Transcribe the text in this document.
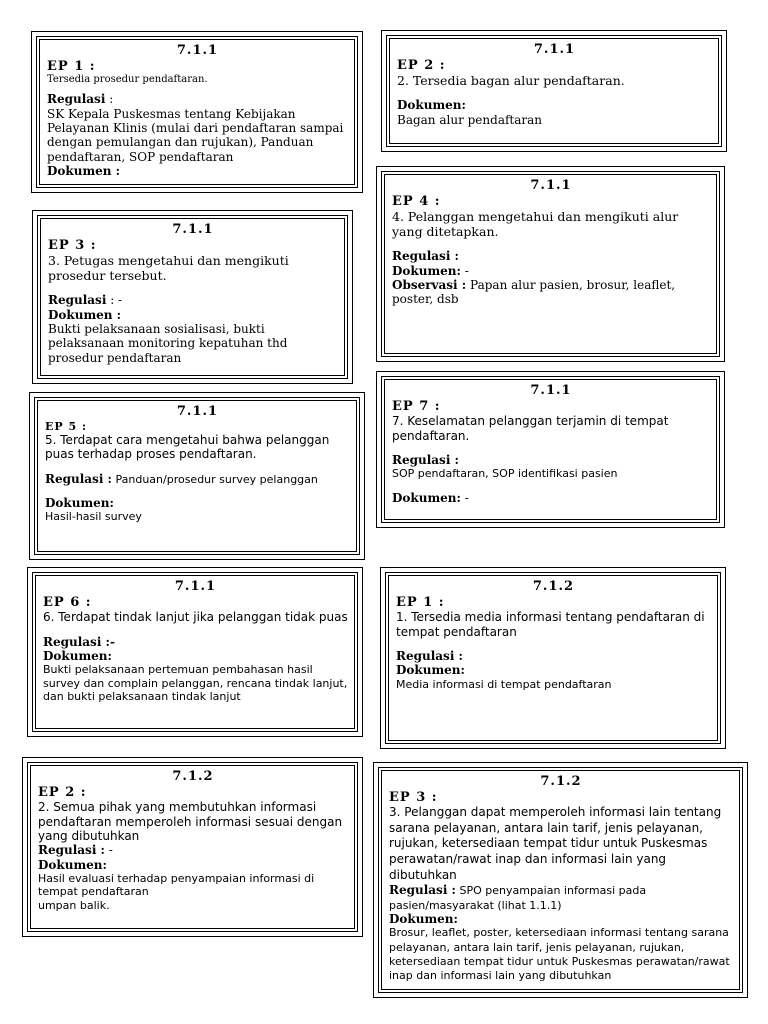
7.1.1
EP 1 :

Tersedia prosedur pendaftaran.

Regulasi :

SK Kepala Puskesmas tentang Kebijakan Pelayanan Klinis (mulai dari pendaftaran sampai dengan pemulangan dan rujukan), Panduan pendaftaran, SOP pendaftaran

Dokumen :

7.1.1
EP 2 :

2. Tersedia bagan alur pendaftaran.

Dokumen:

Bagan alur pendaftaran

7.1.1
EP 4 :

4. Pelanggan mengetahui dan mengikuti alur yang ditetapkan.

Regulasi :

Dokumen: -

Observasi : Papan alur pasien, brosur, leaflet, poster, dsb

7.1.1
EP 3 :

3. Petugas mengetahui dan mengikuti prosedur tersebut.

Regulasi : -

Dokumen :

Bukti pelaksanaan sosialisasi, bukti pelaksanaan monitoring kepatuhan thd prosedur pendaftaran

7.1.1
EP 5 :

5. Terdapat cara mengetahui bahwa pelanggan puas terhadap proses pendaftaran.

Regulasi : Panduan/prosedur survey pelanggan

Dokumen:

Hasil-hasil survey

7.1.1
EP 7 :

7. Keselamatan pelanggan terjamin di tempat pendaftaran.

Regulasi :

SOP pendaftaran, SOP identifikasi pasien

Dokumen: -

7.1.1
EP 6 :

6. Terdapat tindak lanjut jika pelanggan tidak puas

Regulasi :-

Dokumen:

Bukti pelaksanaan pertemuan pembahasan hasil survey dan complain pelanggan, rencana tindak lanjut, dan bukti pelaksanaan tindak lanjut

7.1.2
EP 1 :

1. Tersedia media informasi tentang pendaftaran di tempat pendaftaran

Regulasi :

Dokumen:

Media informasi di tempat pendaftaran

7.1.2
EP 2 :

2. Semua pihak yang membutuhkan informasi pendaftaran memperoleh informasi sesuai dengan yang dibutuhkan

Regulasi : -

Dokumen:

Hasil evaluasi terhadap penyampaian informasi di tempat pendaftaran

umpan balik.

7.1.2
EP 3 :

3. Pelanggan dapat memperoleh informasi lain tentang sarana pelayanan, antara lain tarif, jenis pelayanan, rujukan, ketersediaan tempat tidur untuk Puskesmas perawatan/rawat inap dan informasi lain yang dibutuhkan

Regulasi : SPO penyampaian informasi pada pasien/masyarakat (lihat 1.1.1)

Dokumen:

Brosur, leaflet, poster, ketersediaan informasi tentang sarana pelayanan, antara lain tarif, jenis pelayanan, rujukan, ketersediaan tempat tidur untuk Puskesmas perawatan/rawat inap dan informasi lain yang dibutuhkan
